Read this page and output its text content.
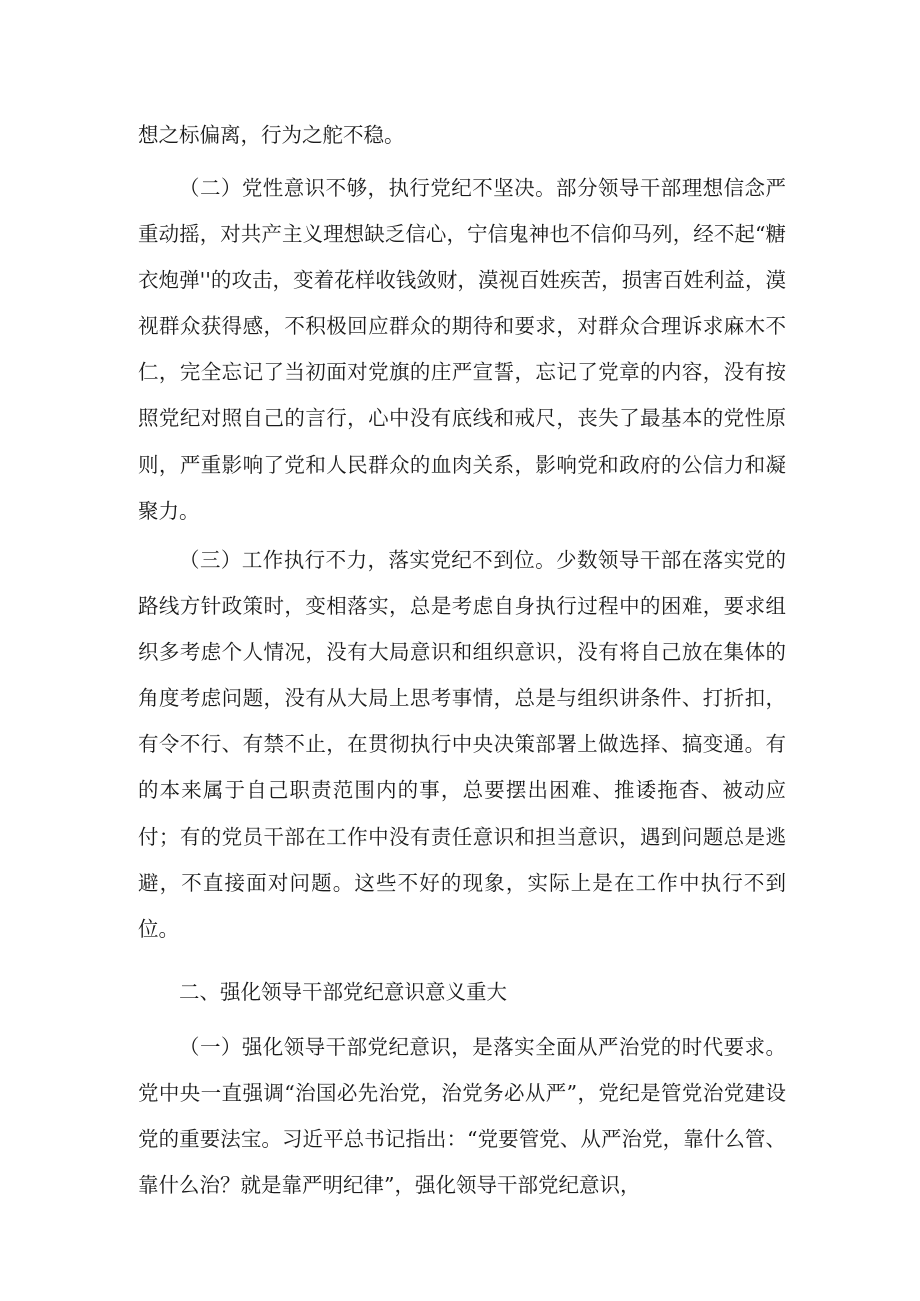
想之标偏离，行为之舵不稳。

（二）党性意识不够，执行党纪不坚决。部分领导干部理想信念严重动摇，对共产主义理想缺乏信心，宁信鬼神也不信仰马列，经不起“糖衣炮弹''的攻击，变着花样收钱敛财，漠视百姓疾苦，损害百姓利益，漠视群众获得感，不积极回应群众的期待和要求，对群众合理诉求麻木不仁，完全忘记了当初面对党旗的庄严宣誓，忘记了党章的内容，没有按照党纪对照自己的言行，心中没有底线和戒尺，丧失了最基本的党性原则，严重影响了党和人民群众的血肉关系，影响党和政府的公信力和凝聚力。

（三）工作执行不力，落实党纪不到位。少数领导干部在落实党的路线方针政策时，变相落实，总是考虑自身执行过程中的困难，要求组织多考虑个人情况，没有大局意识和组织意识，没有将自己放在集体的角度考虑问题，没有从大局上思考事情，总是与组织讲条件、打折扣，有令不行、有禁不止，在贯彻执行中央决策部署上做选择、搞变通。有的本来属于自己职责范围内的事，总要摆出困难、推诿拖杳、被动应付；有的党员干部在工作中没有责任意识和担当意识，遇到问题总是逃避，不直接面对问题。这些不好的现象，实际上是在工作中执行不到位。

二、强化领导干部党纪意识意义重大

（一）强化领导干部党纪意识，是落实全面从严治党的时代要求。党中央一直强调“治国必先治党，治党务必从严”，党纪是管党治党建设党的重要法宝。习近平总书记指出：“党要管党、从严治党，靠什么管、靠什么治？就是靠严明纪律”，强化领导干部党纪意识，
